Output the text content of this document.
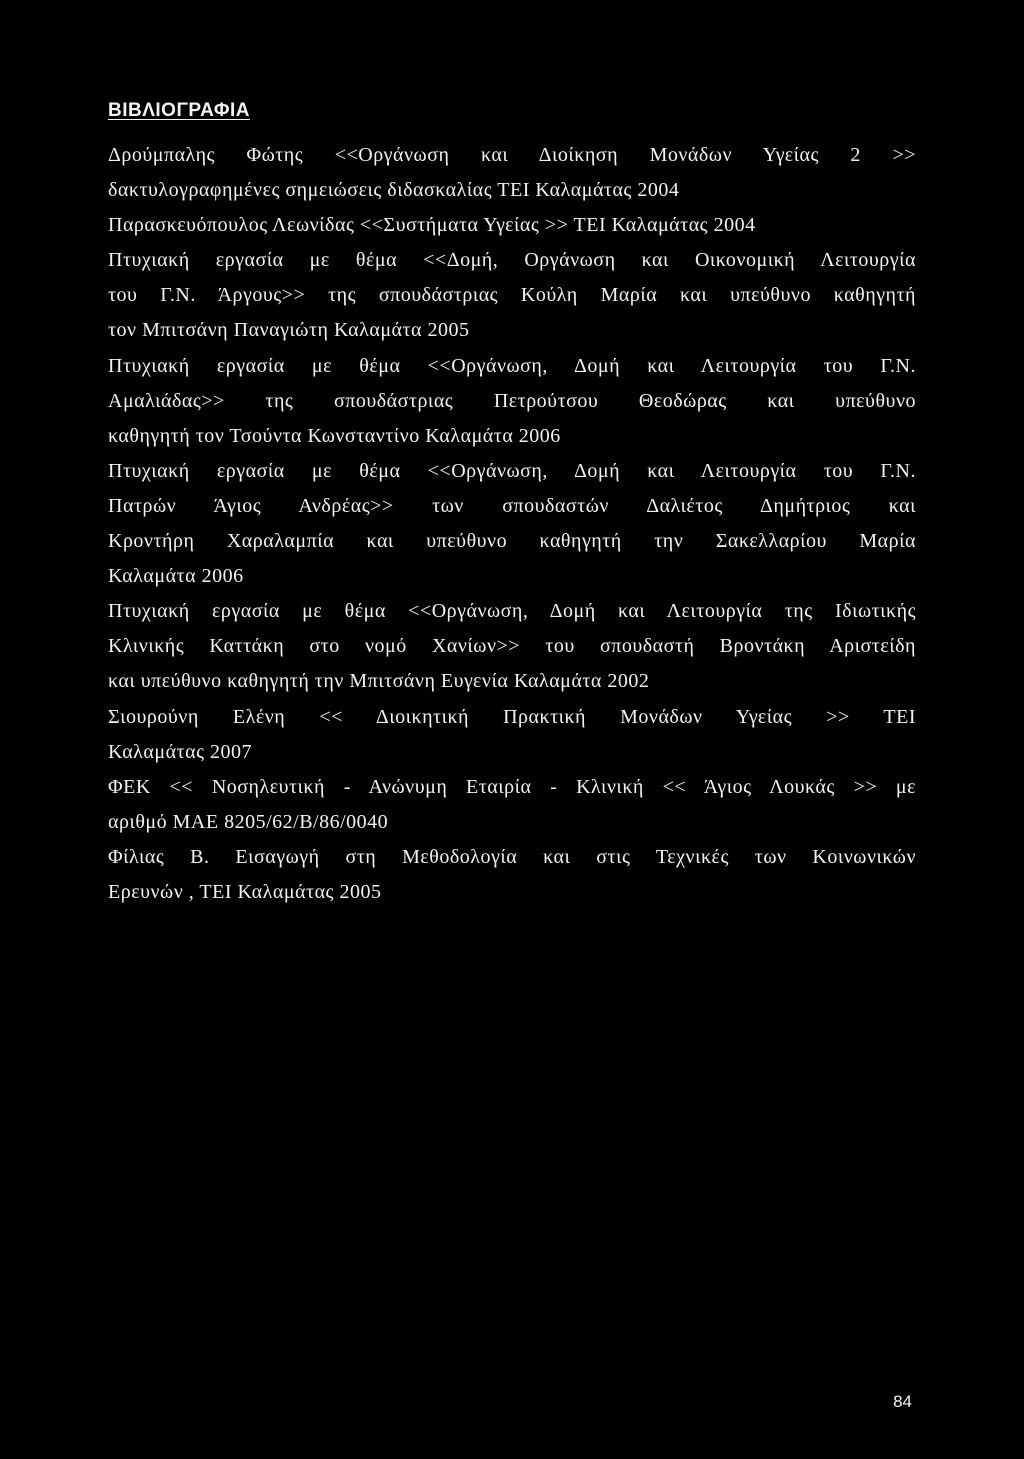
ΒΙΒΛΙΟΓΡΑΦΙΑ
Δρούμπαλης Φώτης <<Οργάνωση και Διοίκηση Μονάδων Υγείας 2 >>
δακτυλογραφημένες σημειώσεις διδασκαλίας ΤΕΙ Καλαμάτας 2004
Παρασκευόπουλος Λεωνίδας <<Συστήματα Υγείας >> ΤΕΙ Καλαμάτας 2004
Πτυχιακή εργασία με θέμα <<Δομή, Οργάνωση και Οικονομική Λειτουργία
του Γ.Ν. Άργους>> της σπουδάστριας Κούλη Μαρία και υπεύθυνο καθηγητή
τον Μπιτσάνη Παναγιώτη Καλαμάτα 2005
Πτυχιακή εργασία με θέμα <<Οργάνωση, Δομή και Λειτουργία του Γ.Ν.
Αμαλιάδας>> της σπουδάστριας Πετρούτσου Θεοδώρας και υπεύθυνο
καθηγητή τον Τσούντα Κωνσταντίνο Καλαμάτα 2006
Πτυχιακή εργασία με θέμα <<Οργάνωση, Δομή και Λειτουργία του Γ.Ν.
Πατρών Άγιος Ανδρέας>> των σπουδαστών Δαλιέτος Δημήτριος και
Κροντήρη Χαραλαμπία και υπεύθυνο καθηγητή την Σακελλαρίου Μαρία
Καλαμάτα 2006
Πτυχιακή εργασία με θέμα <<Οργάνωση, Δομή και Λειτουργία της Ιδιωτικής
Κλινικής Καττάκη στο νομό Χανίων>> του σπουδαστή Βροντάκη Αριστείδη
και υπεύθυνο καθηγητή την Μπιτσάνη Ευγενία Καλαμάτα 2002
Σιουρούνη Ελένη << Διοικητική Πρακτική Μονάδων Υγείας >> ΤΕΙ
Καλαμάτας 2007
ΦΕΚ << Νοσηλευτική - Ανώνυμη Εταιρία - Κλινική << Άγιος Λουκάς >> με
αριθμό ΜΑΕ 8205/62/Β/86/0040
Φίλιας Β. Εισαγωγή στη Μεθοδολογία και στις Τεχνικές των Κοινωνικών
Ερευνών , ΤΕΙ Καλαμάτας 2005
84
